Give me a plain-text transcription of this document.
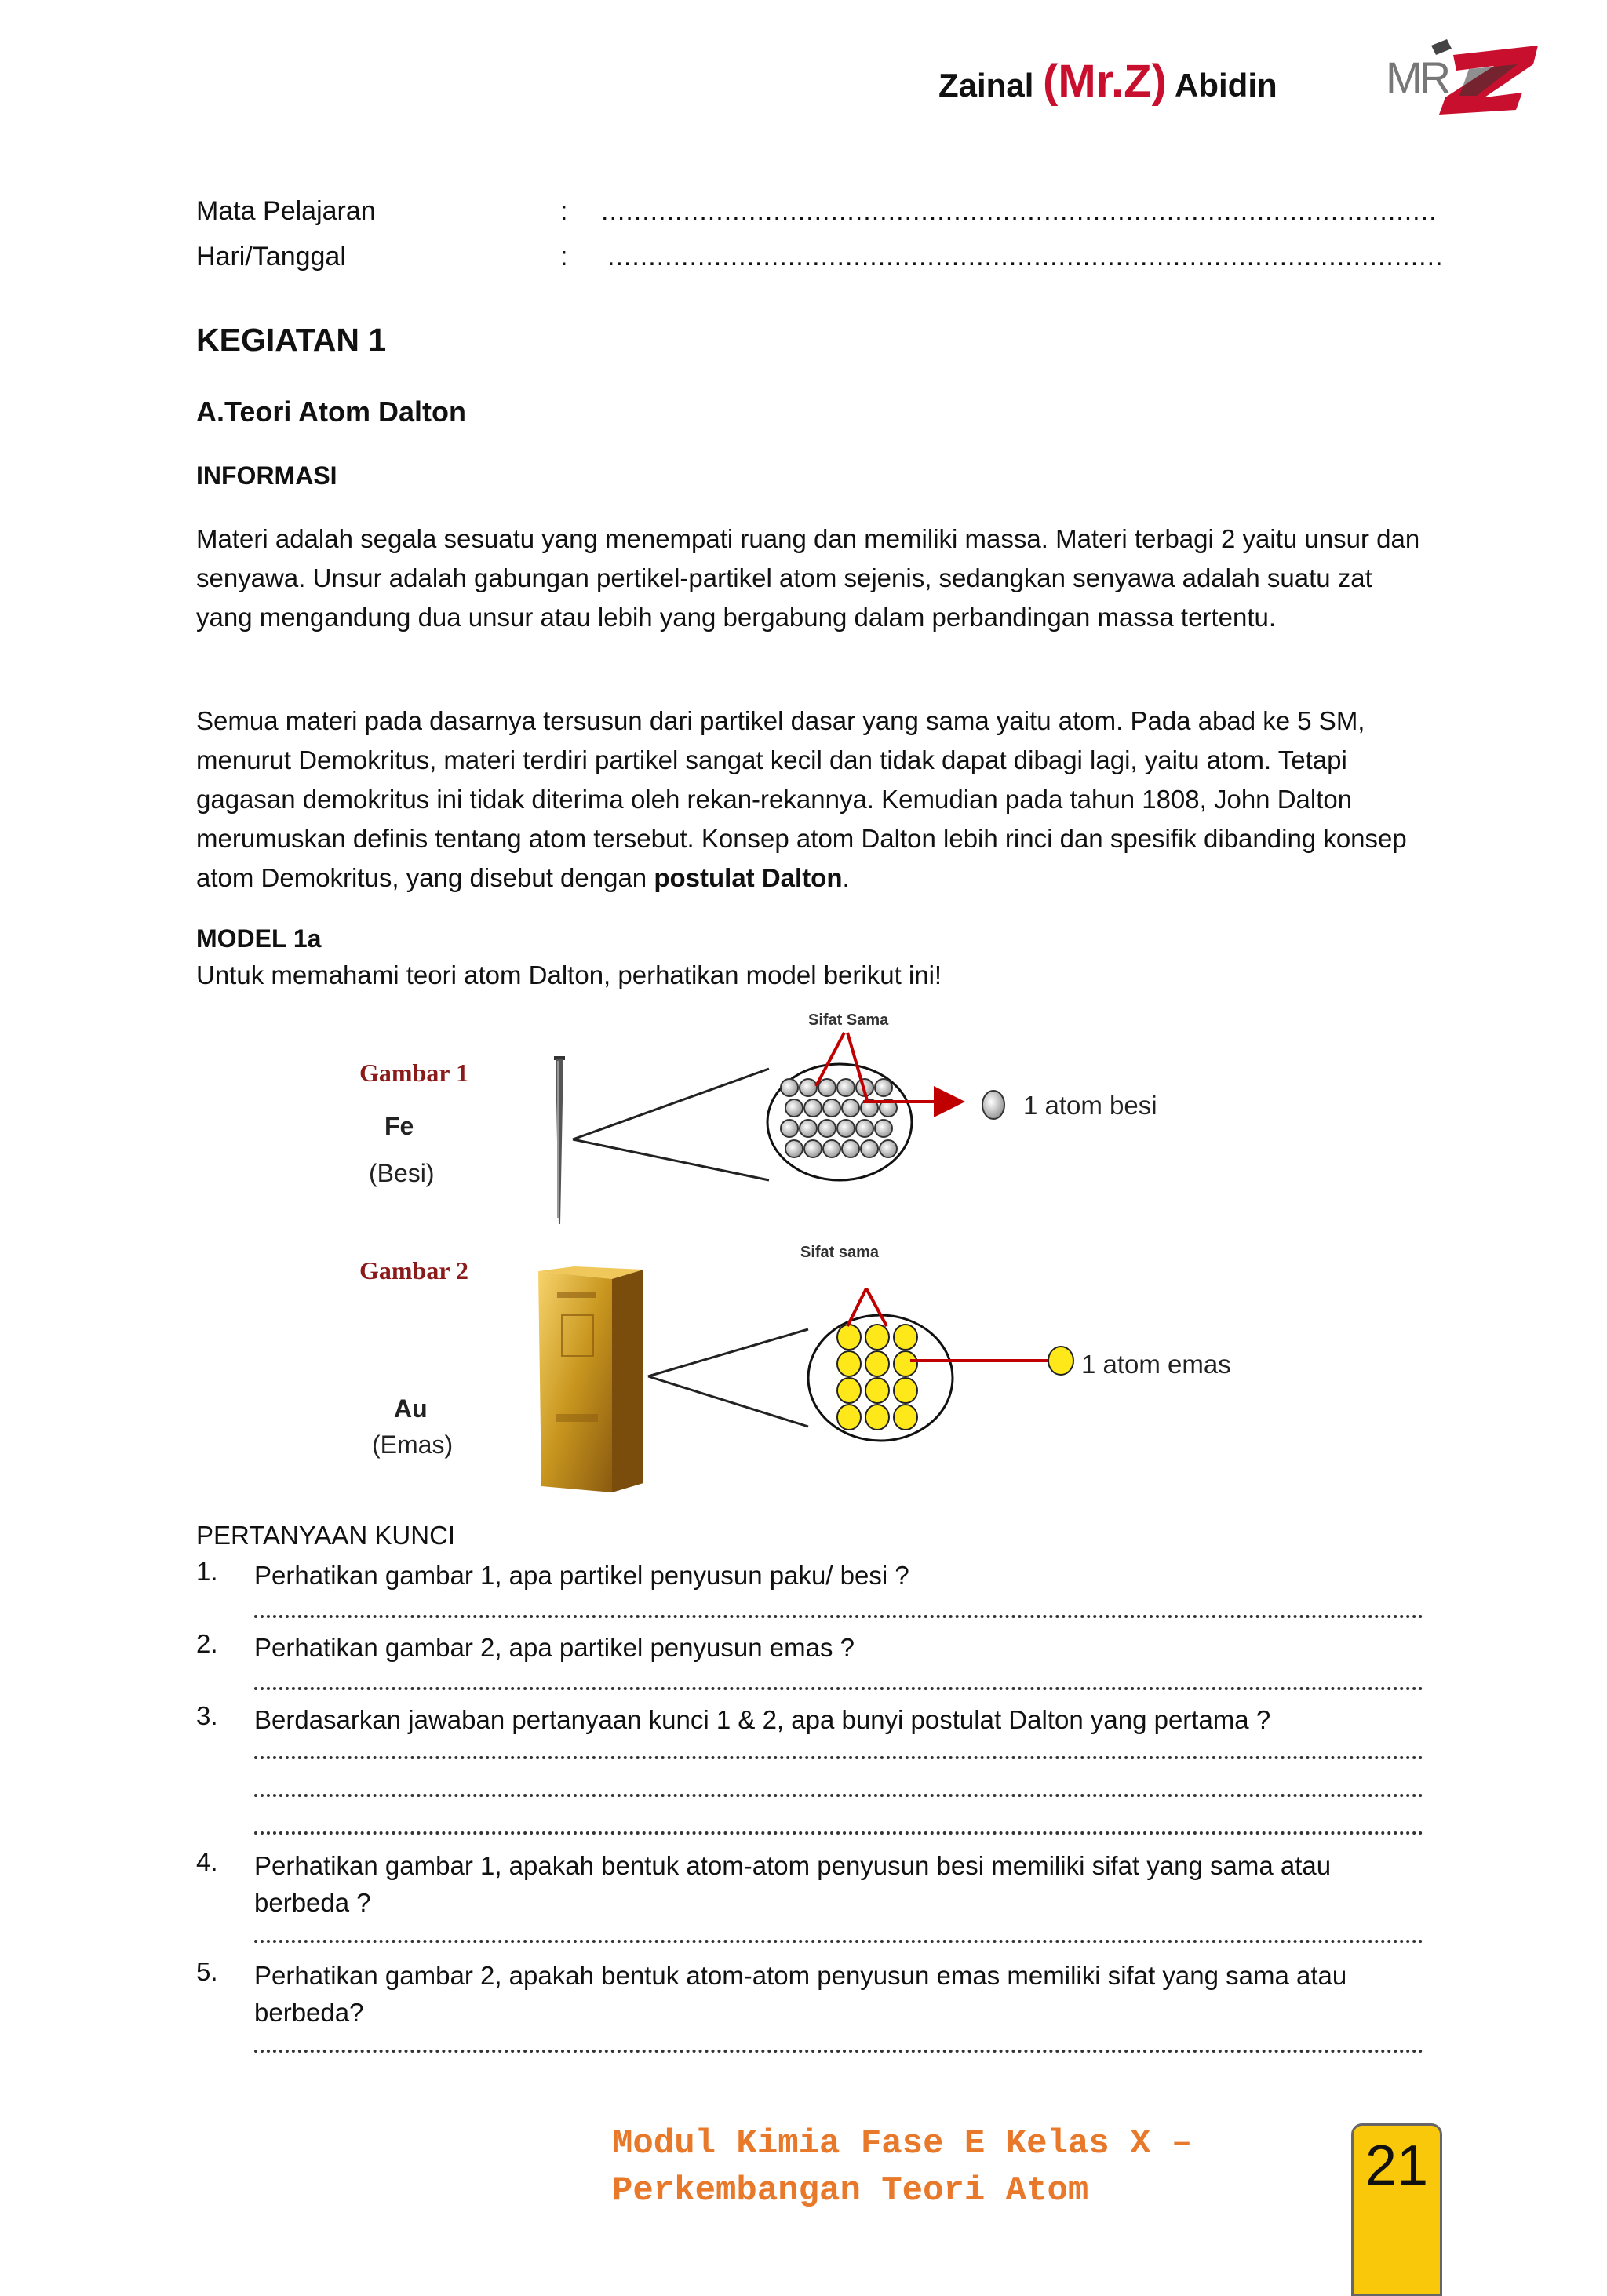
Zainal (Mr.Z) Abidin MR
Mata Pelajaran	: ......................................................................................................
Hari/Tanggal	: ......................................................................................................
KEGIATAN 1
A.Teori Atom Dalton
INFORMASI

Materi adalah segala sesuatu yang menempati ruang dan memiliki massa. Materi terbagi 2 yaitu unsur dan senyawa. Unsur adalah gabungan pertikel-partikel atom sejenis, sedangkan senyawa adalah suatu zat yang mengandung dua unsur atau lebih yang bergabung dalam perbandingan massa tertentu.

Semua materi pada dasarnya tersusun dari partikel dasar yang sama yaitu atom. Pada abad ke 5 SM, menurut Demokritus, materi terdiri partikel sangat kecil dan tidak dapat dibagi lagi, yaitu atom. Tetapi gagasan demokritus ini tidak diterima oleh rekan-rekannya. Kemudian pada tahun 1808, John Dalton merumuskan definis tentang atom tersebut. Konsep atom Dalton lebih rinci dan spesifik dibanding konsep atom Demokritus, yang disebut dengan postulat Dalton.

MODEL 1a
Untuk memahami teori atom Dalton, perhatikan model berikut ini!
Gambar 1
Fe
(Besi)
Sifat Sama
1 atom besi
Gambar 2
Au
(Emas)
Sifat sama
1 atom emas
PERTANYAAN KUNCI
1. Perhatikan gambar 1, apa partikel penyusun paku/ besi ?
2. Perhatikan gambar 2, apa partikel penyusun emas ?
3. Berdasarkan jawaban pertanyaan kunci 1 & 2, apa bunyi postulat Dalton yang pertama ?
4. Perhatikan gambar 1, apakah bentuk atom-atom penyusun besi memiliki sifat yang sama atau berbeda ?
5. Perhatikan gambar 2, apakah bentuk atom-atom penyusun emas memiliki sifat yang sama atau berbeda?
Modul Kimia Fase E Kelas X –
Perkembangan Teori Atom	21
